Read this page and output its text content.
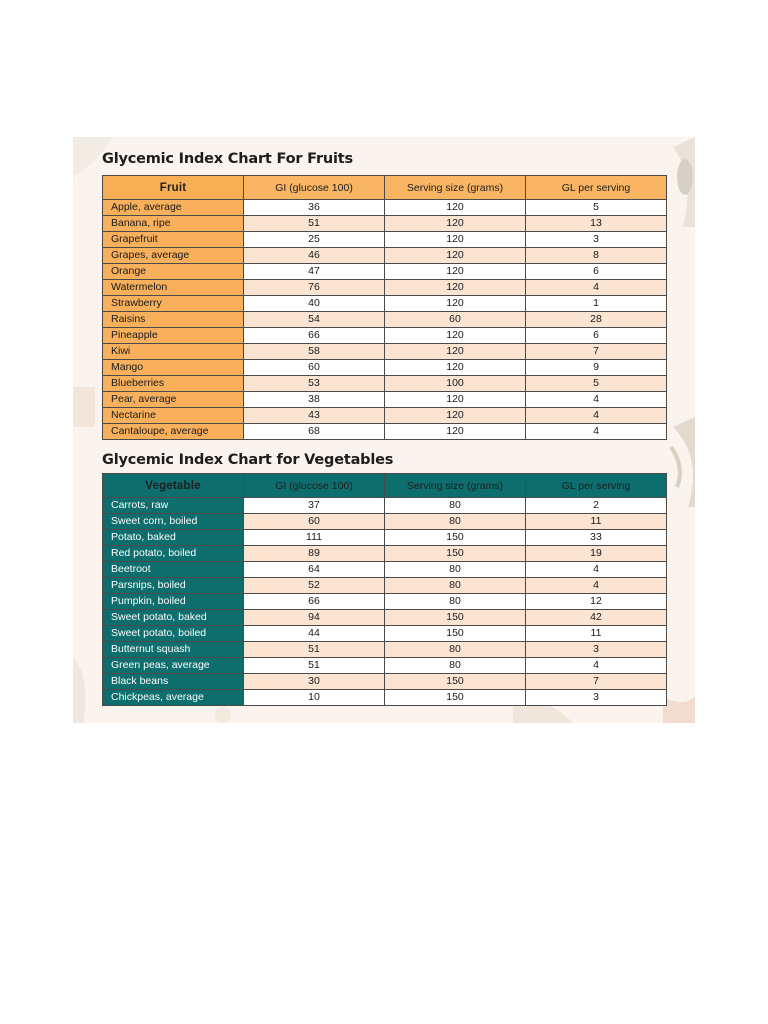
Glycemic Index Chart For Fruits
Fruit	GI (glucose 100)	Serving size (grams)	GL per serving
Apple, average	36	120	5
Banana, ripe	51	120	13
Grapefruit	25	120	3
Grapes, average	46	120	8
Orange	47	120	6
Watermelon	76	120	4
Strawberry	40	120	1
Raisins	54	60	28
Pineapple	66	120	6
Kiwi	58	120	7
Mango	60	120	9
Blueberries	53	100	5
Pear, average	38	120	4
Nectarine	43	120	4
Cantaloupe, average	68	120	4
Glycemic Index Chart for Vegetables
Vegetable	GI (glucose 100)	Serving size (grams)	GL per serving
Carrots, raw	37	80	2
Sweet corn, boiled	60	80	11
Potato, baked	111	150	33
Red potato, boiled	89	150	19
Beetroot	64	80	4
Parsnips, boiled	52	80	4
Pumpkin, boiled	66	80	12
Sweet potato, baked	94	150	42
Sweet potato, boiled	44	150	11
Butternut squash	51	80	3
Green peas, average	51	80	4
Black beans	30	150	7
Chickpeas, average	10	150	3
